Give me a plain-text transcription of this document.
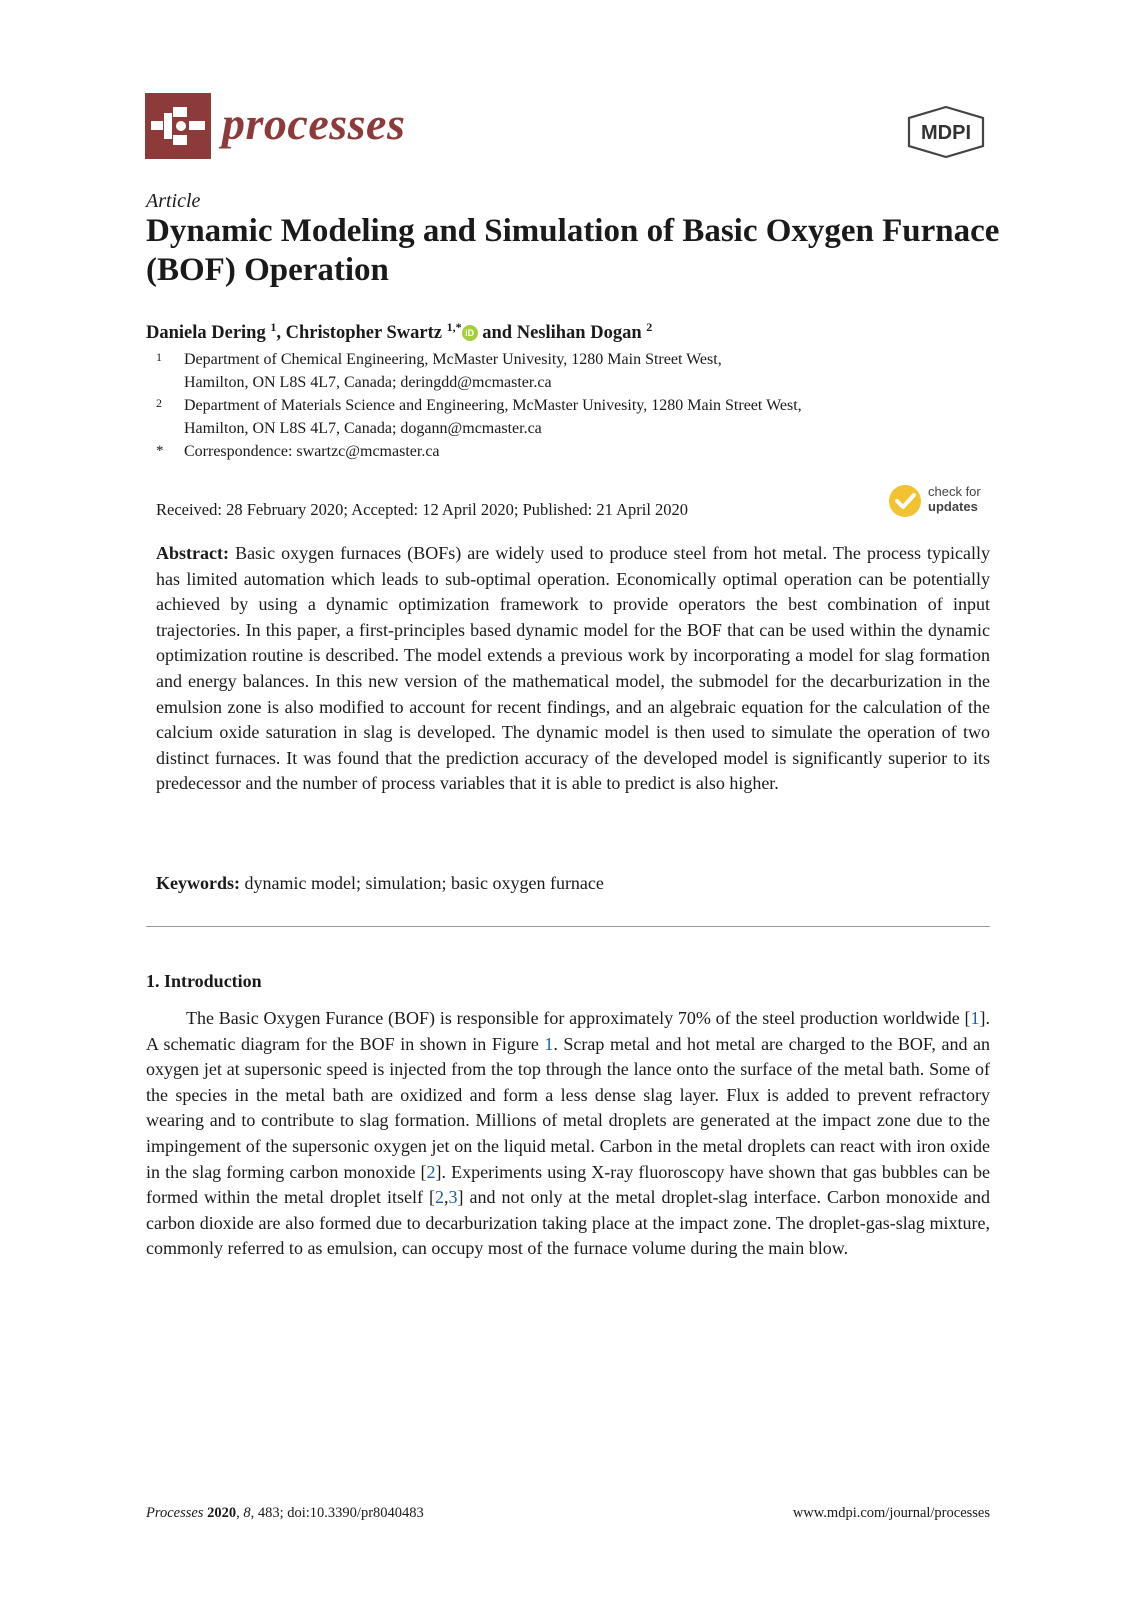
processes	MDPI
Article
Dynamic Modeling and Simulation of Basic Oxygen Furnace (BOF) Operation
Daniela Dering $^1$, Christopher Swartz $^{1,*}$ iD and Neslihan Dogan $^2$
1 Department of Chemical Engineering, McMaster Univesity, 1280 Main Street West,
Hamilton, ON L8S 4L7, Canada; deringdd@mcmaster.ca
2 Department of Materials Science and Engineering, McMaster Univesity, 1280 Main Street West,
Hamilton, ON L8S 4L7, Canada; dogann@mcmaster.ca
* Correspondence: swartzc@mcmaster.ca
Received: 28 February 2020; Accepted: 12 April 2020; Published: 21 April 2020
check for
updates
Abstract: Basic oxygen furnaces (BOFs) are widely used to produce steel from hot metal. The process typically has limited automation which leads to sub-optimal operation. Economically optimal operation can be potentially achieved by using a dynamic optimization framework to provide operators the best combination of input trajectories. In this paper, a first-principles based dynamic model for the BOF that can be used within the dynamic optimization routine is described. The model extends a previous work by incorporating a model for slag formation and energy balances. In this new version of the mathematical model, the submodel for the decarburization in the emulsion zone is also modified to account for recent findings, and an algebraic equation for the calculation of the calcium oxide saturation in slag is developed. The dynamic model is then used to simulate the operation of two distinct furnaces. It was found that the prediction accuracy of the developed model is significantly superior to its predecessor and the number of process variables that it is able to predict is also higher.
Keywords: dynamic model; simulation; basic oxygen furnace
1. Introduction

The Basic Oxygen Furance (BOF) is responsible for approximately 70% of the steel production worldwide [1]. A schematic diagram for the BOF in shown in Figure 1. Scrap metal and hot metal are charged to the BOF, and an oxygen jet at supersonic speed is injected from the top through the lance onto the surface of the metal bath. Some of the species in the metal bath are oxidized and form a less dense slag layer. Flux is added to prevent refractory wearing and to contribute to slag formation. Millions of metal droplets are generated at the impact zone due to the impingement of the supersonic oxygen jet on the liquid metal. Carbon in the metal droplets can react with iron oxide in the slag forming carbon monoxide [2]. Experiments using X-ray fluoroscopy have shown that gas bubbles can be formed within the metal droplet itself [2,3] and not only at the metal droplet-slag interface. Carbon monoxide and carbon dioxide are also formed due to decarburization taking place at the impact zone. The droplet-gas-slag mixture, commonly referred to as emulsion, can occupy most of the furnace volume during the main blow.

Processes 2020, 8, 483; doi:10.3390/pr8040483	www.mdpi.com/journal/processes
